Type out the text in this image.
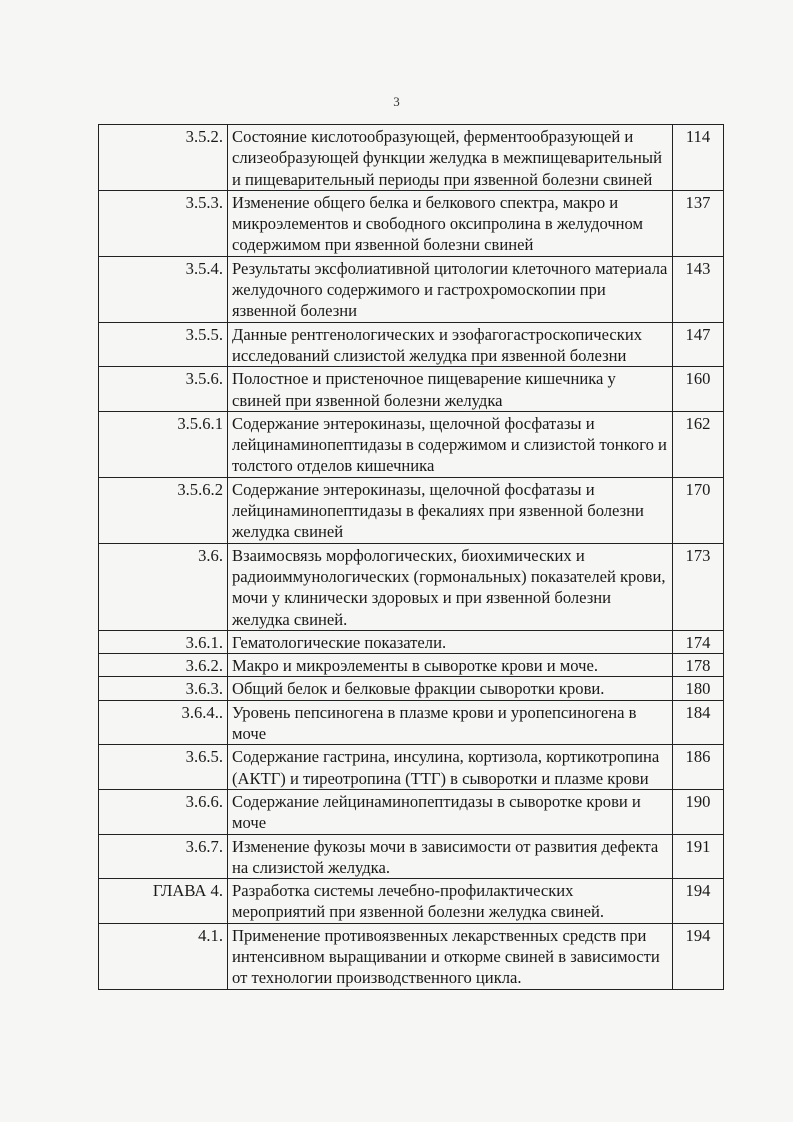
3
3.5.2.	Состояние кислотообразующей, ферментообразующей и слизеобразующей функции желудка в межпищеварительный и пищеварительный периоды при язвенной болезни свиней	114
3.5.3.	Изменение общего белка и белкового спектра, макро и микроэлементов и свободного оксипролина в желудочном содержимом при язвенной болезни свиней	137
3.5.4.	Результаты эксфолиативной цитологии клеточного материала желудочного содержимого и гастрохромоскопии при язвенной болезни	143
3.5.5.	Данные рентгенологических и эзофагогастроскопических исследований слизистой желудка при язвенной болезни	147
3.5.6.	Полостное и пристеночное пищеварение кишечника у свиней при язвенной болезни желудка	160
3.5.6.1	Содержание энтерокиназы, щелочной фосфатазы и лейцинаминопептидазы в содержимом и слизистой тонкого и толстого отделов кишечника	162
3.5.6.2	Содержание энтерокиназы, щелочной фосфатазы и лейцинаминопептидазы в фекалиях при язвенной болезни желудка свиней	170
3.6.	Взаимосвязь морфологических, биохимических и радиоиммунологических (гормональных) показателей крови, мочи у клинически здоровых и при язвенной болезни желудка свиней.	173
3.6.1.	Гематологические показатели.	174
3.6.2.	Макро и микроэлементы в сыворотке крови и моче.	178
3.6.3.	Общий белок и белковые фракции сыворотки крови.	180
3.6.4..	Уровень пепсиногена в плазме крови и уропепсиногена в моче	184
3.6.5.	Содержание гастрина, инсулина, кортизола, кортикотропина (АКТГ) и тиреотропина (ТТГ) в сыворотки и плазме крови	186
3.6.6.	Содержание лейцинаминопептидазы в сыворотке крови и моче	190
3.6.7.	Изменение фукозы мочи в зависимости от развития дефекта на слизистой желудка.	191
ГЛАВА 4.	Разработка системы лечебно-профилактических мероприятий при язвенной болезни желудка свиней.	194
4.1.	Применение противоязвенных лекарственных средств при интенсивном выращивании и откорме свиней в зависимости от технологии производственного цикла.	194
